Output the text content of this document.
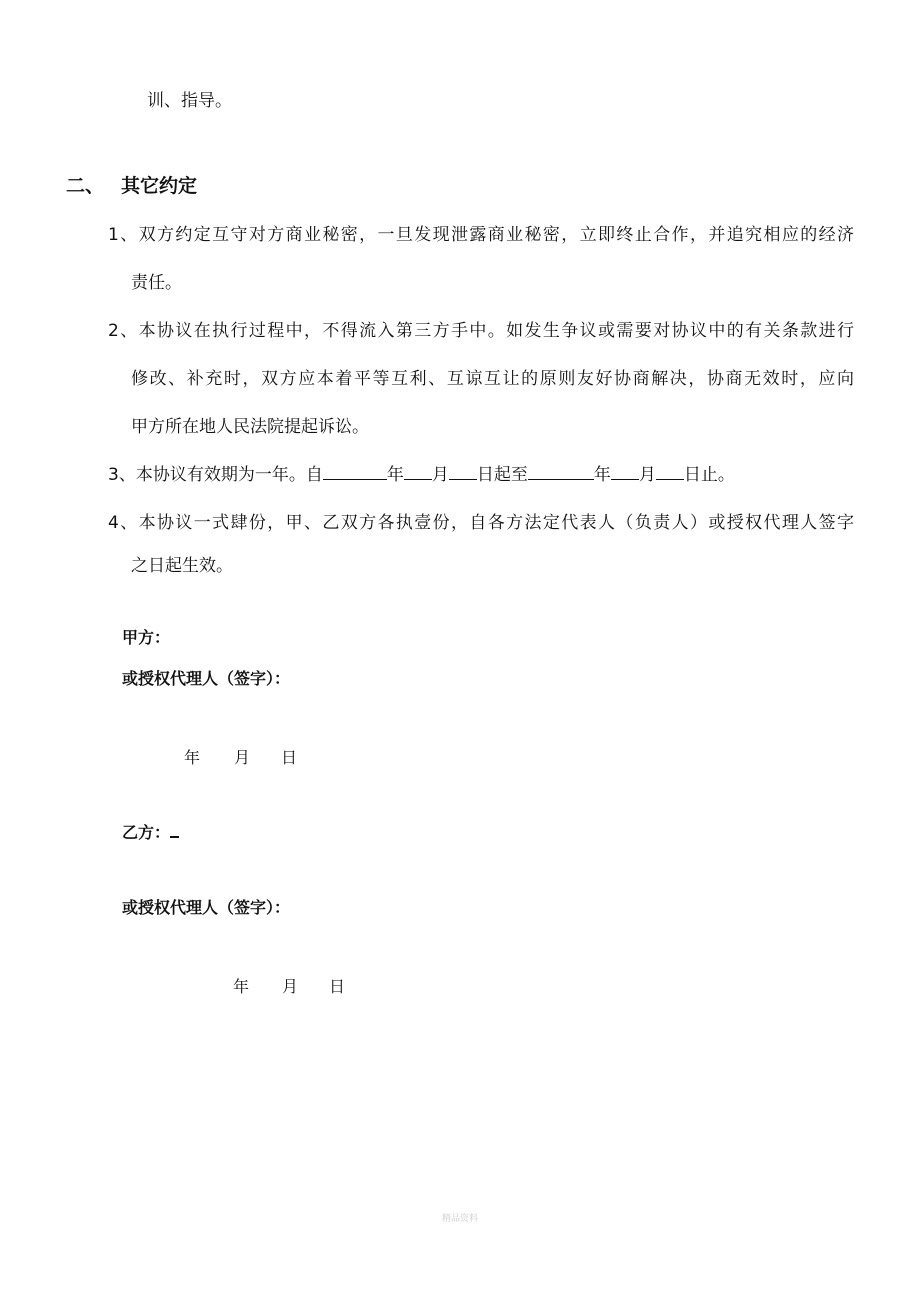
训、指导。
二、 其它约定
1、双方约定互守对方商业秘密，一旦发现泄露商业秘密，立即终止合作，并追究相应的经济
责任。
2、本协议在执行过程中，不得流入第三方手中。如发生争议或需要对协议中的有关条款进行
修改、补充时，双方应本着平等互利、互谅互让的原则友好协商解决，协商无效时，应向
甲方所在地人民法院提起诉讼。
3、本协议有效期为一年。自	年 月 日起至	年 月 日止。
4、本协议一式肆份，甲、乙双方各执壹份，自各方法定代表人（负责人）或授权代理人签字
之日起生效。
甲方：
或授权代理人（签字）：
年 月 日
乙方：
或授权代理人（签字）：
年 月 日
精品资料
